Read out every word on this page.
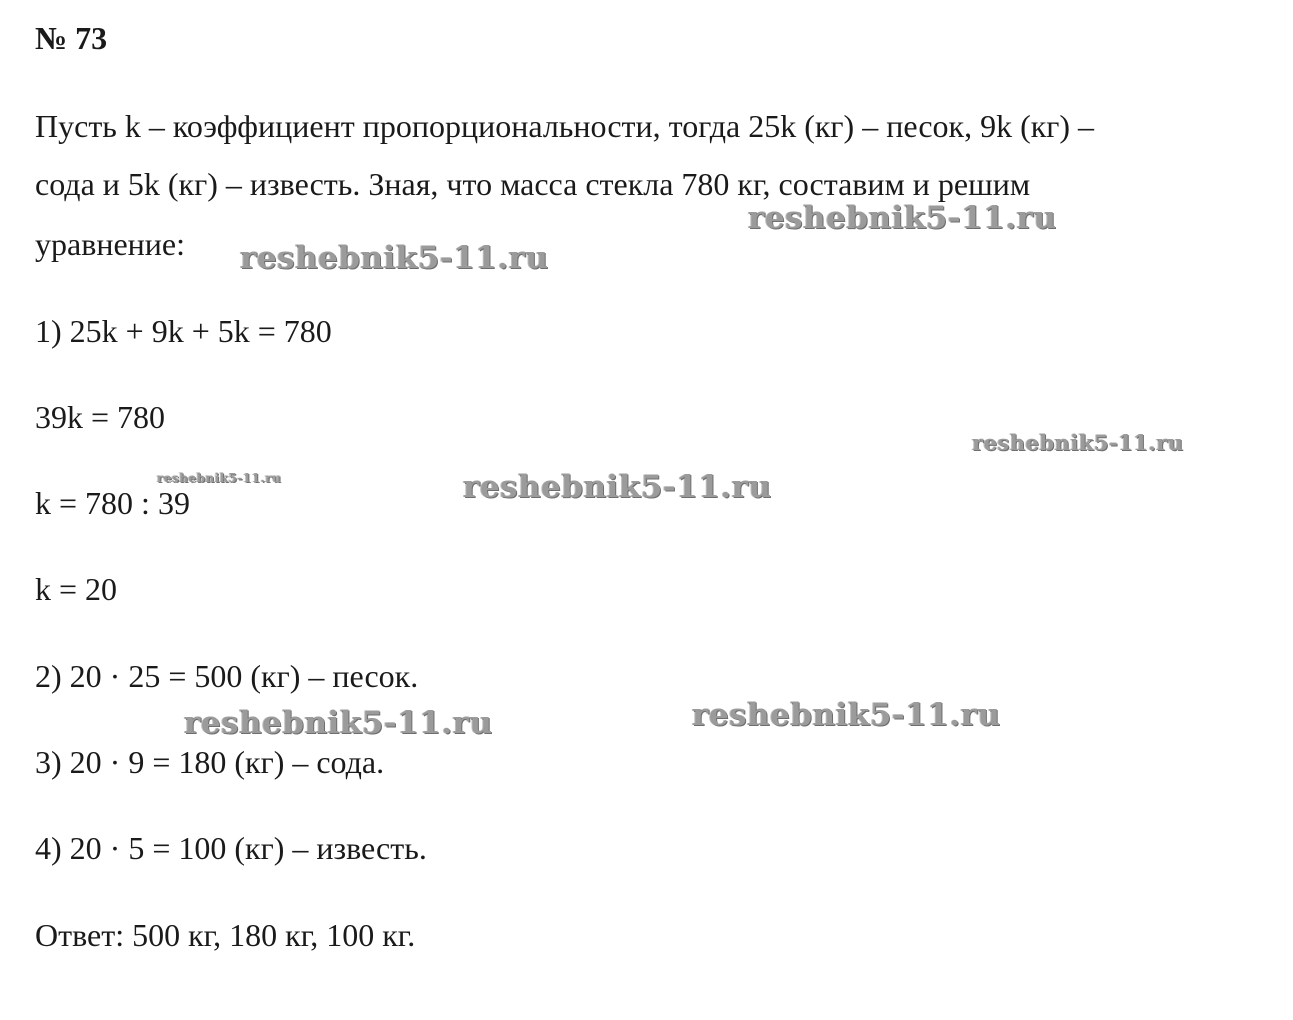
№ 73
Пусть k – коэффициент пропорциональности, тогда 25k (кг) – песок, 9k (кг) –
сода и 5k (кг) – известь. Зная, что масса стекла 780 кг, составим и решим
уравнение:
1) 25k + 9k + 5k = 780
39k = 780
k = 780 : 39
k = 20
2) 20 · 25 = 500 (кг) – песок.
3) 20 · 9 = 180 (кг) – сода.
4) 20 · 5 = 100 (кг) – известь.
Ответ: 500 кг, 180 кг, 100 кг.
reshebnik5-11.ru
reshebnik5-11.ru
reshebnik5-11.ru
reshebnik5-11.ru	reshebnik5-11.ru
reshebnik5-11.ru
reshebnik5-11.ru
